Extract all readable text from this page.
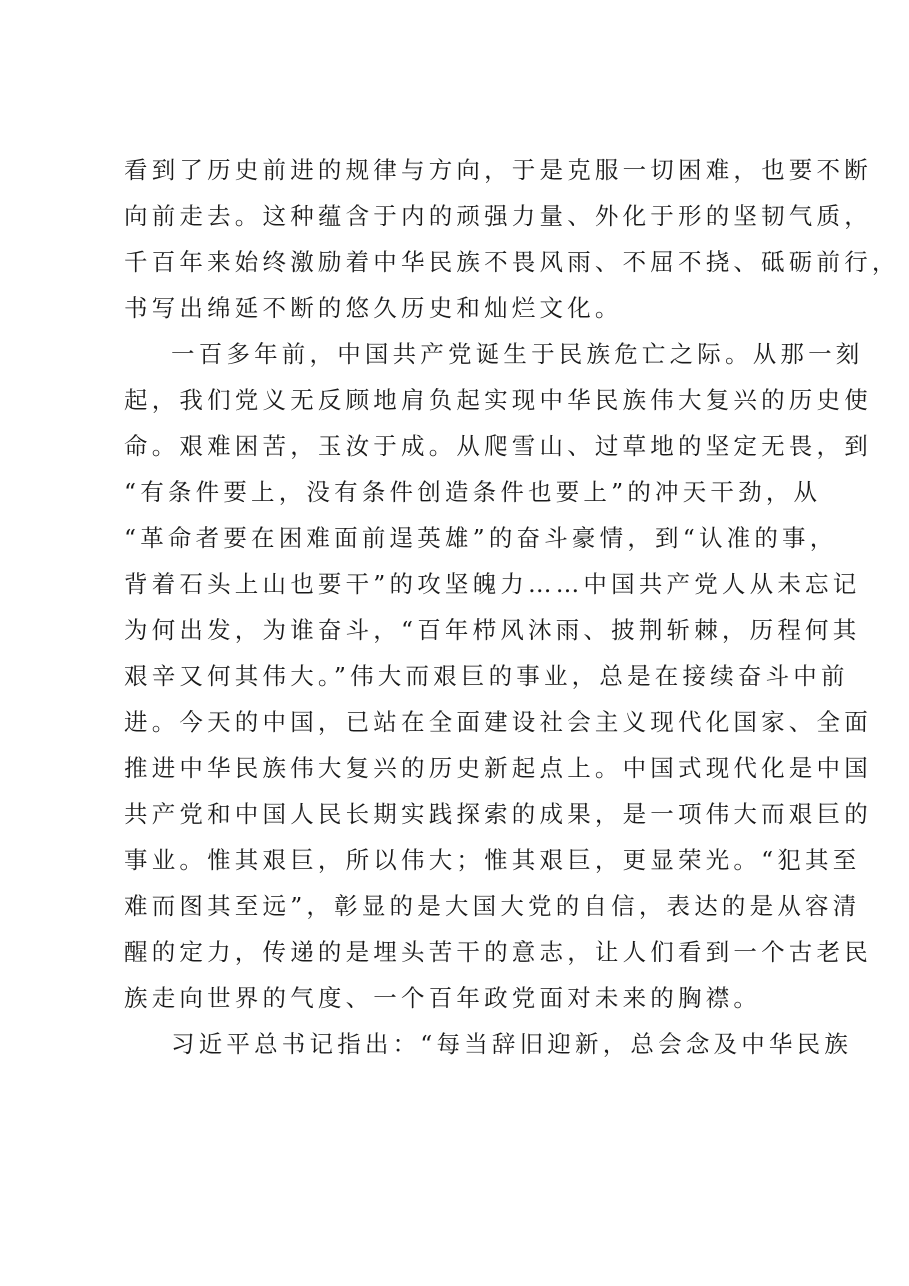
看到了历史前进的规律与方向，于是克服一切困难，也要不断
向前走去。这种蕴含于内的顽强力量、外化于形的坚韧气质，
千百年来始终激励着中华民族不畏风雨、不屈不挠、砥砺前行，
书写出绵延不断的悠久历史和灿烂文化。
一百多年前，中国共产党诞生于民族危亡之际。从那一刻
起，我们党义无反顾地肩负起实现中华民族伟大复兴的历史使
命。艰难困苦，玉汝于成。从爬雪山、过草地的坚定无畏，到
“有条件要上，没有条件创造条件也要上”的冲天干劲，从
“革命者要在困难面前逞英雄”的奋斗豪情，到“认准的事，
背着石头上山也要干”的攻坚魄力……中国共产党人从未忘记
为何出发，为谁奋斗，“百年栉风沐雨、披荆斩棘，历程何其
艰辛又何其伟大。”伟大而艰巨的事业，总是在接续奋斗中前
进。今天的中国，已站在全面建设社会主义现代化国家、全面
推进中华民族伟大复兴的历史新起点上。中国式现代化是中国
共产党和中国人民长期实践探索的成果，是一项伟大而艰巨的
事业。惟其艰巨，所以伟大；惟其艰巨，更显荣光。“犯其至
难而图其至远”，彰显的是大国大党的自信，表达的是从容清
醒的定力，传递的是埋头苦干的意志，让人们看到一个古老民
族走向世界的气度、一个百年政党面对未来的胸襟。
习近平总书记指出：“每当辞旧迎新，总会念及中华民族
